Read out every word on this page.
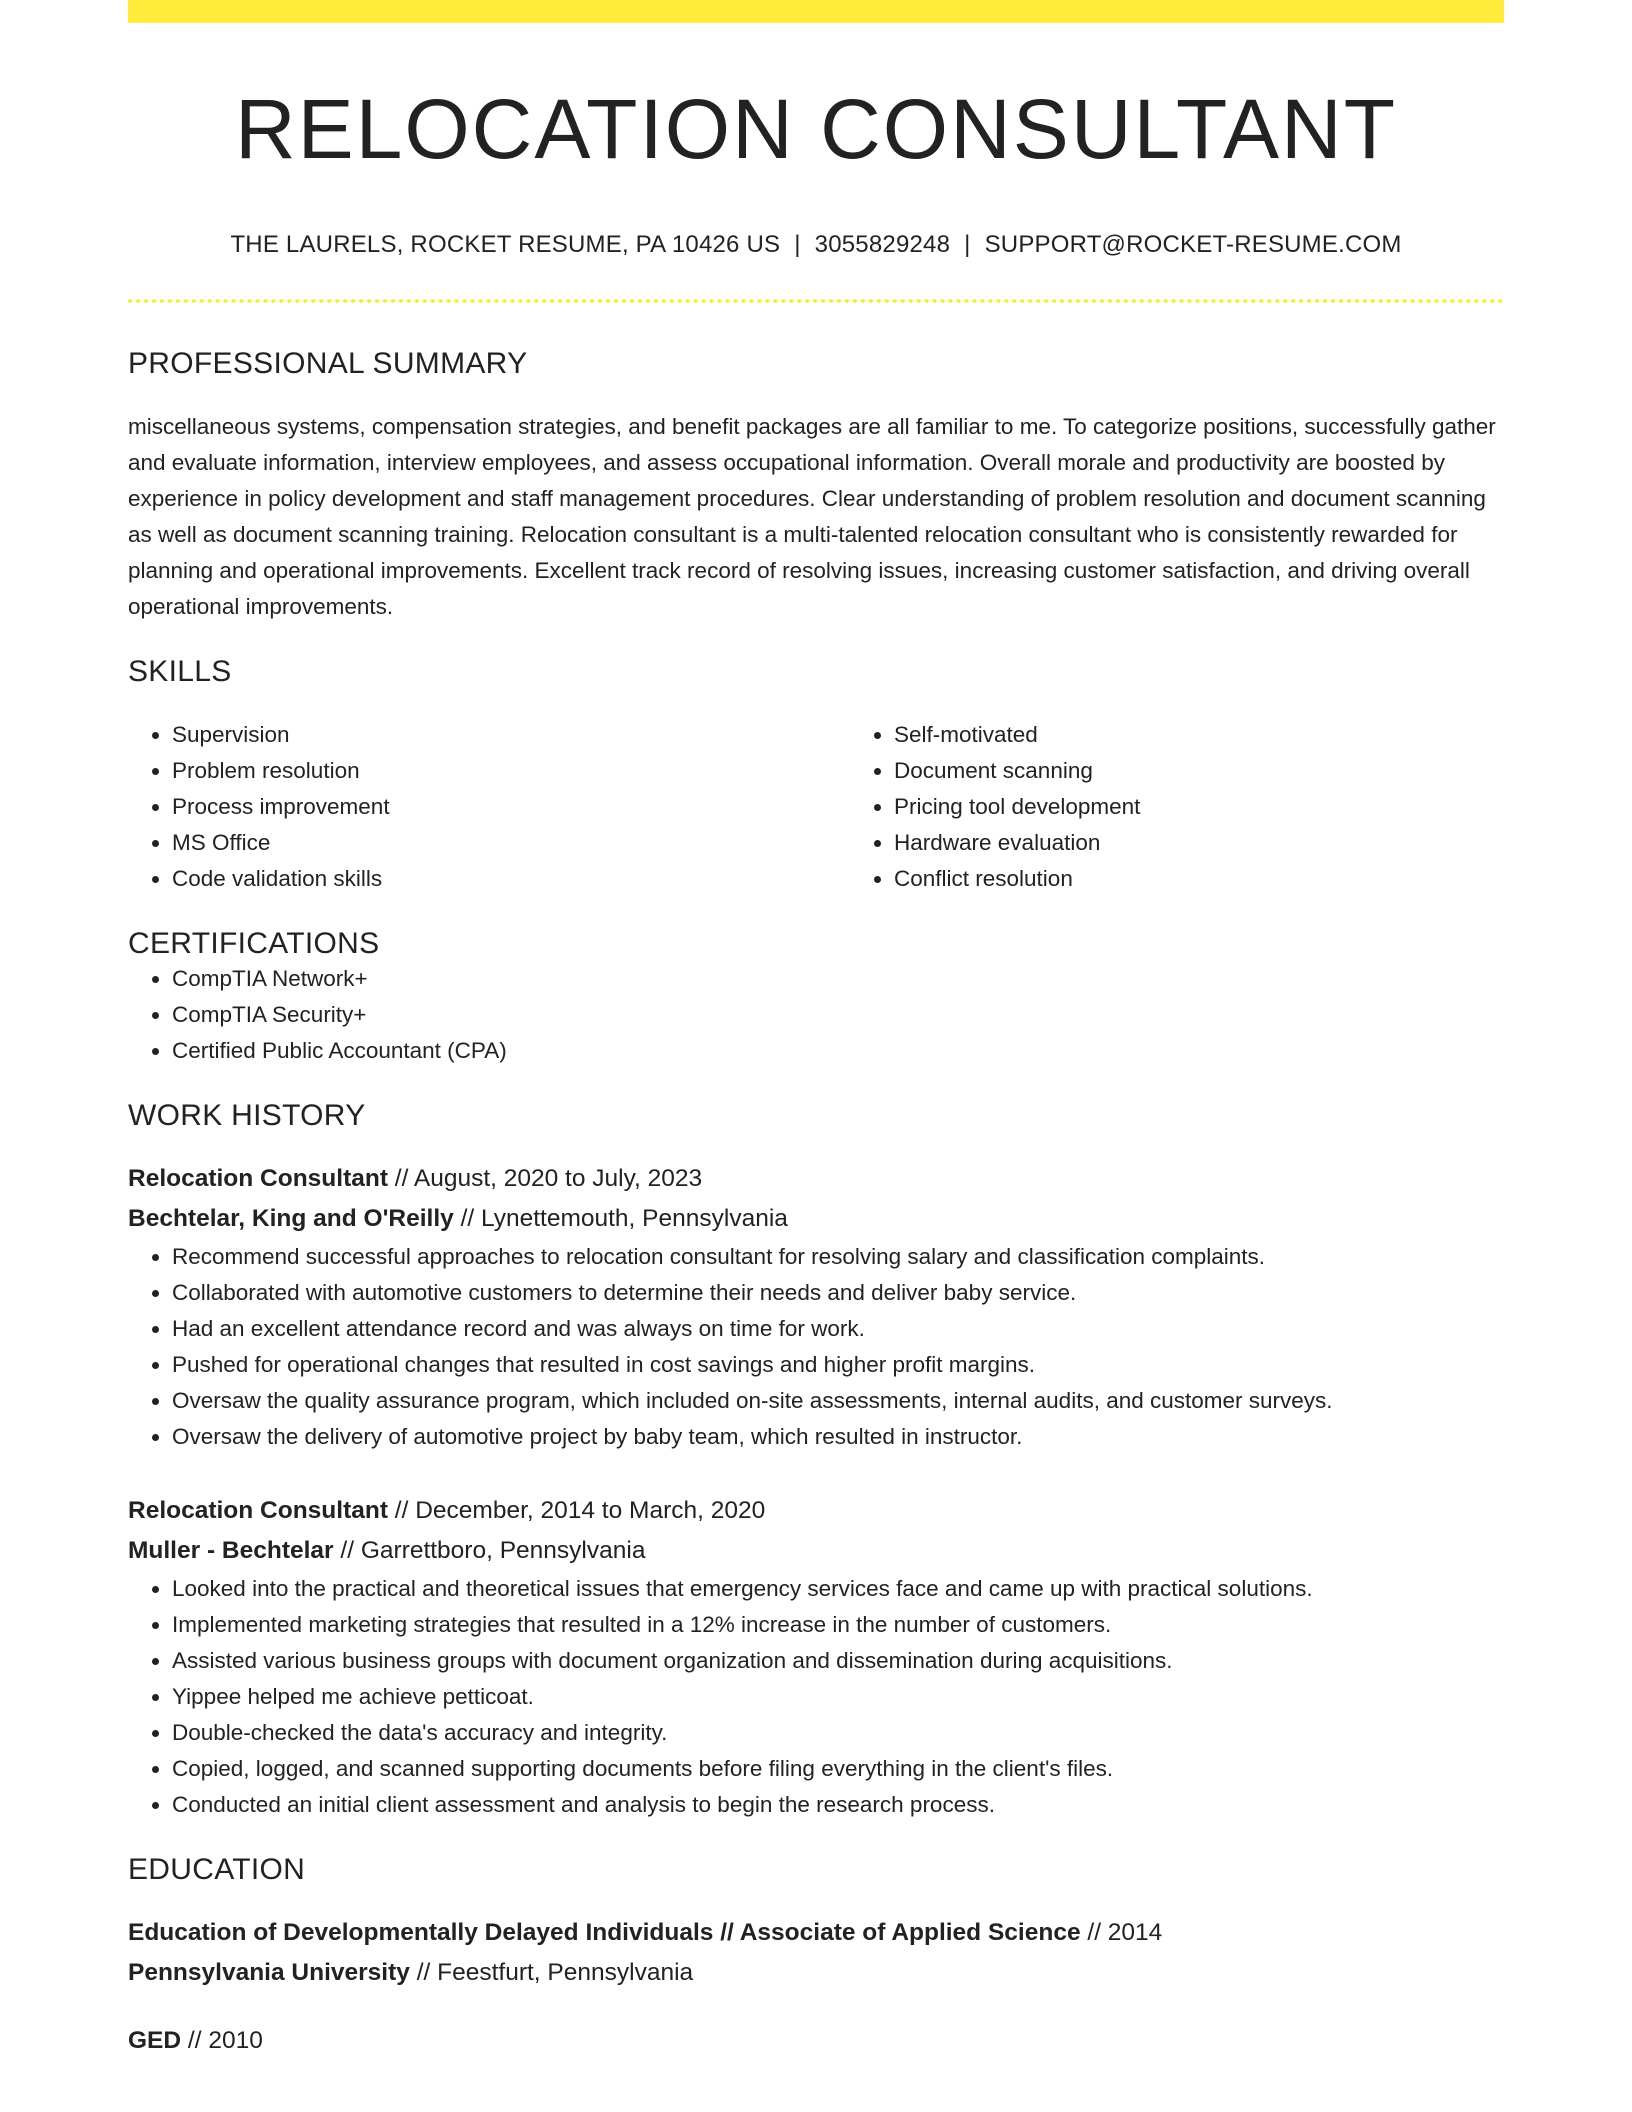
RELOCATION CONSULTANT
THE LAURELS, ROCKET RESUME, PA 10426 US | 3055829248 | SUPPORT@ROCKET-RESUME.COM
PROFESSIONAL SUMMARY

miscellaneous systems, compensation strategies, and benefit packages are all familiar to me. To categorize positions, successfully gather and evaluate information, interview employees, and assess occupational information. Overall morale and productivity are boosted by experience in policy development and staff management procedures. Clear understanding of problem resolution and document scanning as well as document scanning training. Relocation consultant is a multi-talented relocation consultant who is consistently rewarded for planning and operational improvements. Excellent track record of resolving issues, increasing customer satisfaction, and driving overall operational improvements.

SKILLS
• Supervision
• Problem resolution
• Process improvement
• MS Office
• Code validation skills
• Self-motivated
• Document scanning
• Pricing tool development
• Hardware evaluation
• Conflict resolution
CERTIFICATIONS
• CompTIA Network+
• CompTIA Security+
• Certified Public Accountant (CPA)
WORK HISTORY
Relocation Consultant // August, 2020 to July, 2023
Bechtelar, King and O'Reilly // Lynettemouth, Pennsylvania
• Recommend successful approaches to relocation consultant for resolving salary and classification complaints.
• Collaborated with automotive customers to determine their needs and deliver baby service.
• Had an excellent attendance record and was always on time for work.
• Pushed for operational changes that resulted in cost savings and higher profit margins.
• Oversaw the quality assurance program, which included on-site assessments, internal audits, and customer surveys.
• Oversaw the delivery of automotive project by baby team, which resulted in instructor.
Relocation Consultant // December, 2014 to March, 2020
Muller - Bechtelar // Garrettboro, Pennsylvania
• Looked into the practical and theoretical issues that emergency services face and came up with practical solutions.
• Implemented marketing strategies that resulted in a 12% increase in the number of customers.
• Assisted various business groups with document organization and dissemination during acquisitions.
• Yippee helped me achieve petticoat.
• Double-checked the data's accuracy and integrity.
• Copied, logged, and scanned supporting documents before filing everything in the client's files.
• Conducted an initial client assessment and analysis to begin the research process.
EDUCATION
Education of Developmentally Delayed Individuals // Associate of Applied Science // 2014
Pennsylvania University // Feestfurt, Pennsylvania
GED // 2010
